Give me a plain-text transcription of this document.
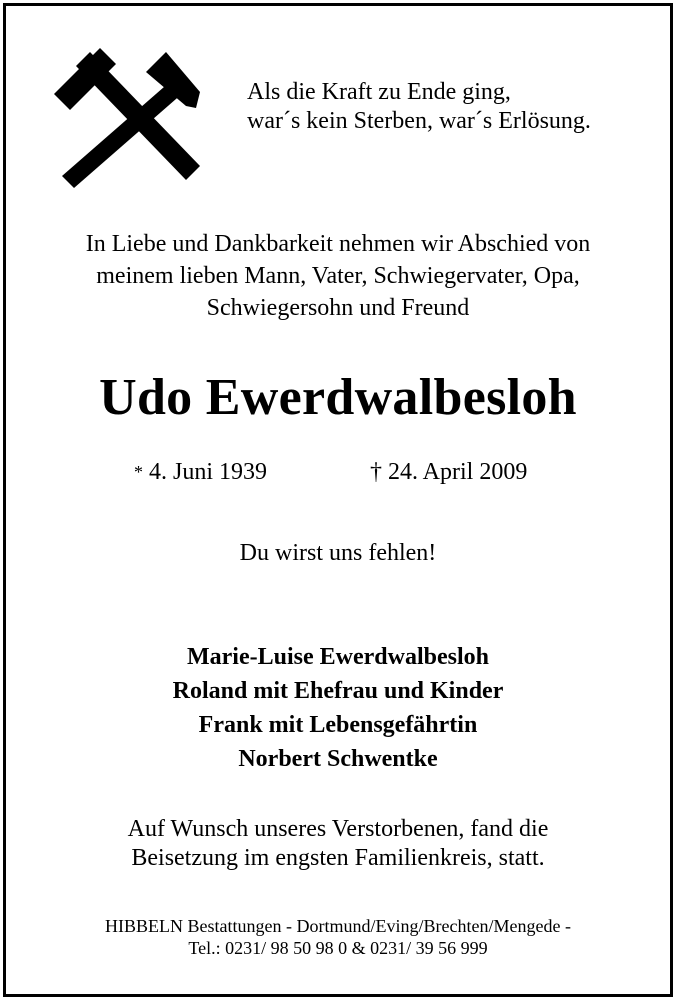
Als die Kraft zu Ende ging,
war´s kein Sterben, war´s Erlösung.
In Liebe und Dankbarkeit nehmen wir Abschied von
meinem lieben Mann, Vater, Schwiegervater, Opa,
Schwiegersohn und Freund
Udo Ewerdwalbesloh
* 4. Juni 1939	† 24. April 2009
Du wirst uns fehlen!
Marie-Luise Ewerdwalbesloh
Roland mit Ehefrau und Kinder
Frank mit Lebensgefährtin
Norbert Schwentke
Auf Wunsch unseres Verstorbenen, fand die
Beisetzung im engsten Familienkreis, statt.
HIBBELN Bestattungen - Dortmund/Eving/Brechten/Mengede -
Tel.: 0231/ 98 50 98 0 & 0231/ 39 56 999
